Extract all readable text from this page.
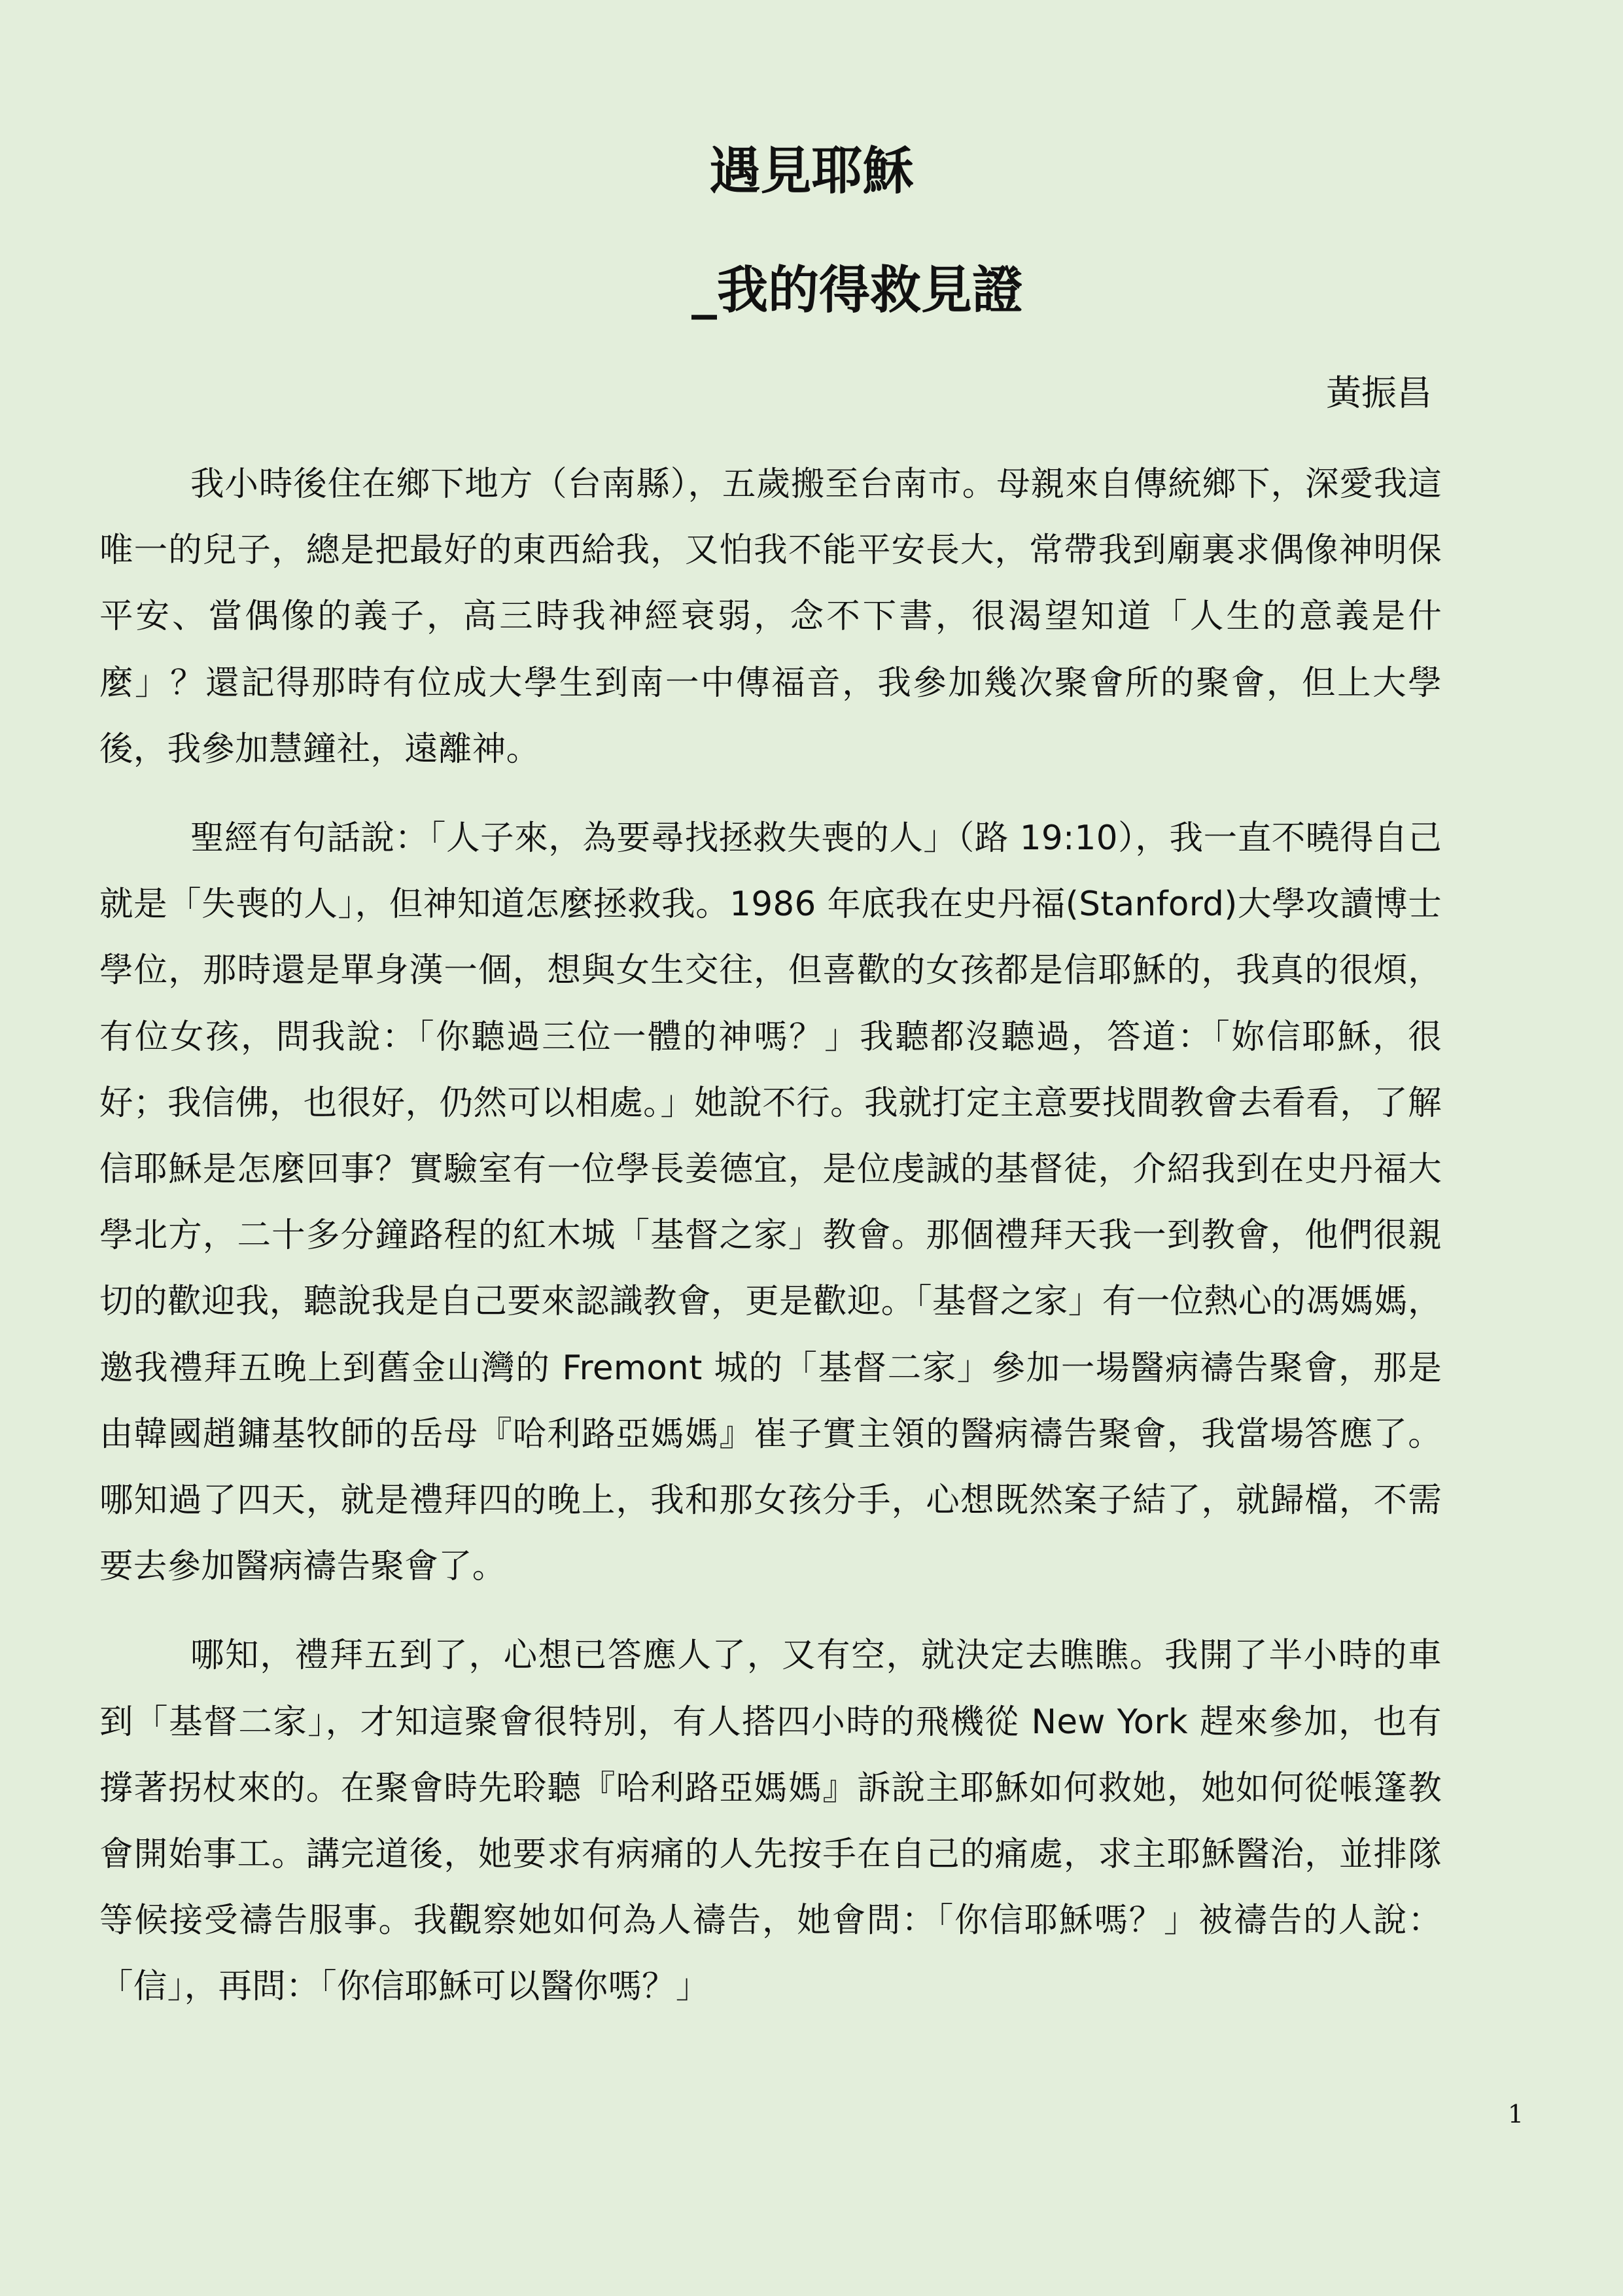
遇見耶穌
_我的得救見證
黃振昌

我小時後住在鄉下地方（台南縣），五歲搬至台南市。母親來自傳統鄉下，深愛我這唯一的兒子，總是把最好的東西給我，又怕我不能平安長大，常帶我到廟裏求偶像神明保平安、當偶像的義子，高三時我神經衰弱，念不下書，很渴望知道「人生的意義是什麼」？還記得那時有位成大學生到南一中傳福音，我參加幾次聚會所的聚會，但上大學後，我參加慧鐘社，遠離神。

聖經有句話說：「人子來，為要尋找拯救失喪的人」（路 19:10），我一直不曉得自己就是「失喪的人」，但神知道怎麼拯救我。1986 年底我在史丹福(Stanford)大學攻讀博士學位，那時還是單身漢一個，想與女生交往，但喜歡的女孩都是信耶穌的，我真的很煩，有位女孩，問我說：「你聽過三位一體的神嗎？」我聽都沒聽過，答道：「妳信耶穌，很好；我信佛，也很好，仍然可以相處。」她說不行。我就打定主意要找間教會去看看，了解信耶穌是怎麼回事？實驗室有一位學長姜德宜，是位虔誠的基督徒，介紹我到在史丹福大學北方，二十多分鐘路程的紅木城「基督之家」教會。那個禮拜天我一到教會，他們很親切的歡迎我，聽說我是自己要來認識教會，更是歡迎。「基督之家」有一位熱心的馮媽媽，邀我禮拜五晚上到舊金山灣的 Fremont 城的「基督二家」參加一場醫病禱告聚會，那是由韓國趙鏞基牧師的岳母『哈利路亞媽媽』崔子實主領的醫病禱告聚會，我當場答應了。哪知過了四天，就是禮拜四的晚上，我和那女孩分手，心想既然案子結了，就歸檔，不需要去參加醫病禱告聚會了。

哪知，禮拜五到了，心想已答應人了，又有空，就決定去瞧瞧。我開了半小時的車到「基督二家」，才知這聚會很特別，有人搭四小時的飛機從 New York 趕來參加，也有撐著拐杖來的。在聚會時先聆聽『哈利路亞媽媽』訴說主耶穌如何救她，她如何從帳篷教會開始事工。講完道後，她要求有病痛的人先按手在自己的痛處，求主耶穌醫治，並排隊等候接受禱告服事。我觀察她如何為人禱告，她會問：「你信耶穌嗎？」被禱告的人說：「信」，再問：「你信耶穌可以醫你嗎？」

1
